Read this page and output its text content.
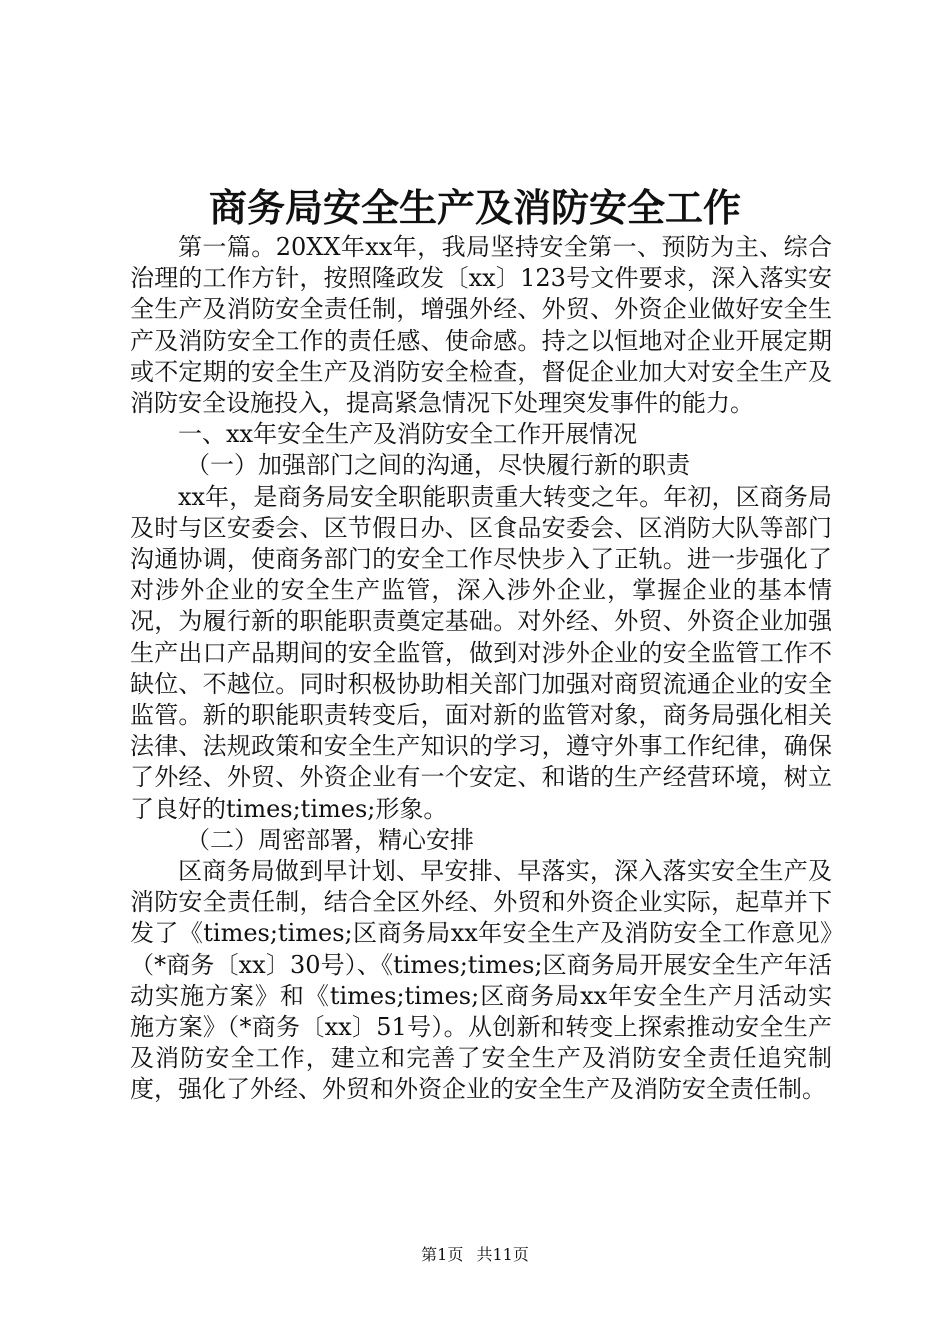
商务局安全生产及消防安全工作

第一篇。20XX年xx年，我局坚持安全第一、预防为主、综合治理的工作方针，按照隆政发〔xx〕123号文件要求，深入落实安全生产及消防安全责任制，增强外经、外贸、外资企业做好安全生产及消防安全工作的责任感、使命感。持之以恒地对企业开展定期或不定期的安全生产及消防安全检查，督促企业加大对安全生产及消防安全设施投入，提高紧急情况下处理突发事件的能力。

一、xx年安全生产及消防安全工作开展情况

（一）加强部门之间的沟通，尽快履行新的职责

xx年，是商务局安全职能职责重大转变之年。年初，区商务局及时与区安委会、区节假日办、区食品安委会、区消防大队等部门沟通协调，使商务部门的安全工作尽快步入了正轨。进一步强化了对涉外企业的安全生产监管，深入涉外企业，掌握企业的基本情况，为履行新的职能职责奠定基础。对外经、外贸、外资企业加强生产出口产品期间的安全监管，做到对涉外企业的安全监管工作不缺位、不越位。同时积极协助相关部门加强对商贸流通企业的安全监管。新的职能职责转变后，面对新的监管对象，商务局强化相关法律、法规政策和安全生产知识的学习，遵守外事工作纪律，确保了外经、外贸、外资企业有一个安定、和谐的生产经营环境，树立了良好的times;times;形象。

（二）周密部署，精心安排

区商务局做到早计划、早安排、早落实，深入落实安全生产及消防安全责任制，结合全区外经、外贸和外资企业实际，起草并下发了《times;times;区商务局xx年安全生产及消防安全工作意见》（*商务〔xx〕30号）、《times;times;区商务局开展安全生产年活动实施方案》和《times;times;区商务局xx年安全生产月活动实施方案》（*商务〔xx〕51号）。从创新和转变上探索推动安全生产及消防安全工作，建立和完善了安全生产及消防安全责任追究制度，强化了外经、外贸和外资企业的安全生产及消防安全责任制。

第1页 共11页
